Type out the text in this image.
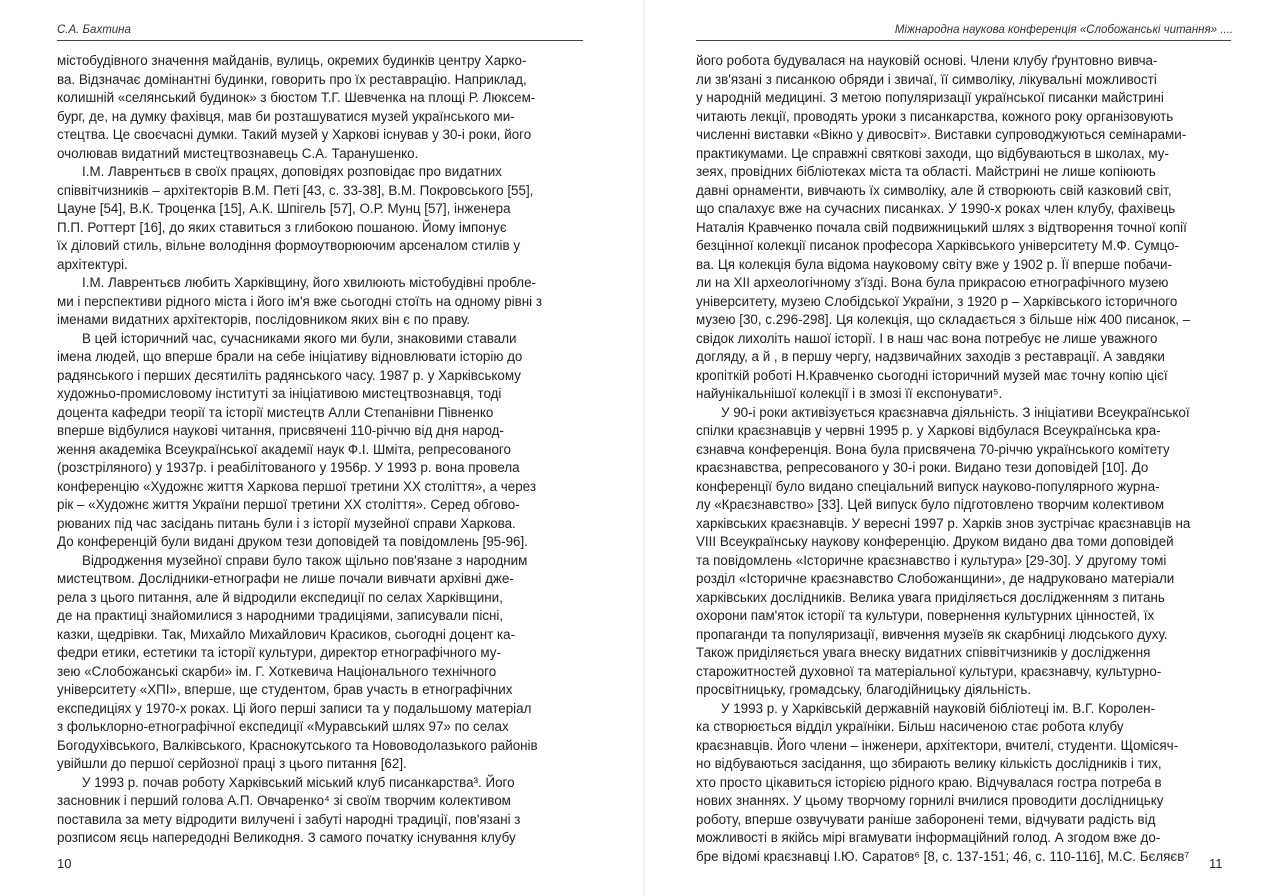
С.А. Бахтина
містобудівного значення майданів, вулиць, окремих будинків центру Харко-
ва. Відзначає домінантні будинки, говорить про їх реставрацію. Наприклад,
колишній «селянський будинок» з бюстом Т.Г. Шевченка на площі Р. Люксем-
бург, де, на думку фахівця, мав би розташуватися музей українського ми-
стецтва. Це своєчасні думки. Такий музей у Харкові існував у 30-і роки, його
очолював видатний мистецтвознавець С.А. Таранушенко.
І.М. Лаврентьєв в своїх працях, доповідях розповідає про видатних
співвітчизників – архітекторів В.М. Петі [43, с. 33-38], В.М. Покровського [55],
Цауне [54], В.К. Троценка [15], А.К. Шпігель [57], О.Р. Мунц [57], інженера
П.П. Роттерт [16], до яких ставиться з глибокою пошаною. Йому імпонує
їх діловий стиль, вільне володіння формоутворюючим арсеналом стилів у
архітектурі.
І.М. Лаврентьєв любить Харківщину, його хвилюють містобудівні пробле-
ми і перспективи рідного міста і його ім'я вже сьогодні стоїть на одному рівні з
іменами видатних архітекторів, послідовником яких він є по праву.
В цей історичний час, сучасниками якого ми були, знаковими ставали
імена людей, що вперше брали на себе ініціативу відновлювати історію до
радянського і перших десятиліть радянського часу. 1987 р. у Харківському
художньо-промисловому інституті за ініціативою мистецтвознавця, тоді
доцента кафедри теорії та історії мистецтв Алли Степанівни Півненко
вперше відбулися наукові читання, присвячені 110-річчю від дня народ-
ження академіка Всеукраїнської академії наук Ф.І. Шміта, репресованого
(розстріляного) у 1937р. і реабілітованого у 1956р. У 1993 р. вона провела
конференцію «Художнє життя Харкова першої третини XX століття», а через
рік – «Художнє життя України першої третини XX століття». Серед обгово-
рюваних під час засідань питань були і з історії музейної справи Харкова.
До конференцій були видані друком тези доповідей та повідомлень [95-96].
Відродження музейної справи було також щільно пов'язане з народним
мистецтвом. Дослідники-етнографи не лише почали вивчати архівні дже-
рела з цього питання, але й відродили експедиції по селах Харківщини,
де на практиці знайомилися з народними традиціями, записували пісні,
казки, щедрівки. Так, Михайло Михайлович Красиков, сьогодні доцент ка-
федри етики, естетики та історії культури, директор етнографічного му-
зею «Слобожанські скарби» ім. Г. Хоткевича Національного технічного
університету «ХПІ», вперше, ще студентом, брав участь в етнографічних
експедиціях у 1970-х роках. Ці його перші записи та у подальшому матеріал
з фольклорно-етнографічної експедиції «Муравський шлях 97» по селах
Богодухівського, Валківського, Краснокутського та Нововодолазького районів
увійшли до першої серйозної праці з цього питання [62].
У 1993 р. почав роботу Харківський міський клуб писанкарства³. Його
засновник і перший голова А.П. Овчаренко⁴ зі своїм творчим колективом
поставила за мету відродити вилучені і забуті народні традиції, пов'язані з
розписом яєць напередодні Великодня. З самого початку існування клубу
10
Міжнародна наукова конференція «Слобожанські читання» ....
його робота будувалася на науковій основі. Члени клубу ґрунтовно вивча-
ли зв'язані з писанкою обряди і звичаї, її символіку, лікувальні можливості
у народній медицині. З метою популяризації української писанки майстрині
читають лекції, проводять уроки з писанкарства, кожного року організовують
численні виставки «Вікно у дивосвіт». Виставки супроводжуються семінарами-
практикумами. Це справжні святкові заходи, що відбуваються в школах, му-
зеях, провідних бібліотеках міста та області. Майстрині не лише копіюють
давні орнаменти, вивчають їх символіку, але й створюють свій казковий світ,
що спалахує вже на сучасних писанках. У 1990-х роках член клубу, фахівець
Наталія Кравченко почала свій подвижницький шлях з відтворення точної копії
безцінної колекції писанок професора Харківського університету М.Ф. Сумцо-
ва. Ця колекція була відома науковому світу вже у 1902 р. Її вперше побачи-
ли на XII археологічному з'їзді. Вона була прикрасою етнографічного музею
університету, музею Слобідської України, з 1920 р – Харківського історичного
музею [30, с.296-298]. Ця колекція, що складається з більше ніж 400 писанок, –
свідок лихоліть нашої історії. І в наш час вона потребує не лише уважного
догляду, а й , в першу чергу, надзвичайних заходів з реставрації. А завдяки
кропіткій роботі Н.Кравченко сьогодні історичний музей має точну копію цієї
найунікальнішої колекції і в змозі її експонувати⁵.
У 90-і роки активізується краєзнавча діяльність. З ініціативи Всеукраїнської
спілки краєзнавців у червні 1995 р. у Харкові відбулася Всеукраїнська кра-
єзнавча конференція. Вона була присвячена 70-річчю українського комітету
краєзнавства, репресованого у 30-і роки. Видано тези доповідей [10]. До
конференції було видано спеціальний випуск науково-популярного журна-
лу «Краєзнавство» [33]. Цей випуск було підготовлено творчим колективом
харківських краєзнавців. У вересні 1997 р. Харків знов зустрічає краєзнавців на
VIII Всеукраїнську наукову конференцію. Друком видано два томи доповідей
та повідомлень «Історичне краєзнавство і культура» [29-30]. У другому томі
розділ «Історичне краєзнавство Слобожанщини», де надруковано матеріали
харківських дослідників. Велика увага приділяється дослідженням з питань
охорони пам'яток історії та культури, повернення культурних цінностей, їх
пропаганди та популяризації, вивчення музеїв як скарбниці людського духу.
Також приділяється увага внеску видатних співвітчизників у дослідження
старожитностей духовної та матеріальної культури, краєзнавчу, культурно-
просвітницьку, громадську, благодійницьку діяльність.
У 1993 р. у Харківській державній науковій бібліотеці ім. В.Г. Королен-
ка створюється відділ україніки. Більш насиченою стає робота клубу
краєзнавців. Його члени – інженери, архітектори, вчителі, студенти. Щомісяч-
но відбуваються засідання, що збирають велику кількість дослідників і тих,
хто просто цікавиться історією рідного краю. Відчувалася гостра потреба в
нових знаннях. У цьому творчому горнилі вчилися проводити дослідницьку
роботу, вперше озвучувати раніше заборонені теми, відчувати радість від
можливості в якійсь мірі вгамувати інформаційний голод. А згодом вже до-
бре відомі краєзнавці І.Ю. Саратов⁶ [8, с. 137-151; 46, с. 110-116], М.С. Бєляєв⁷	11
